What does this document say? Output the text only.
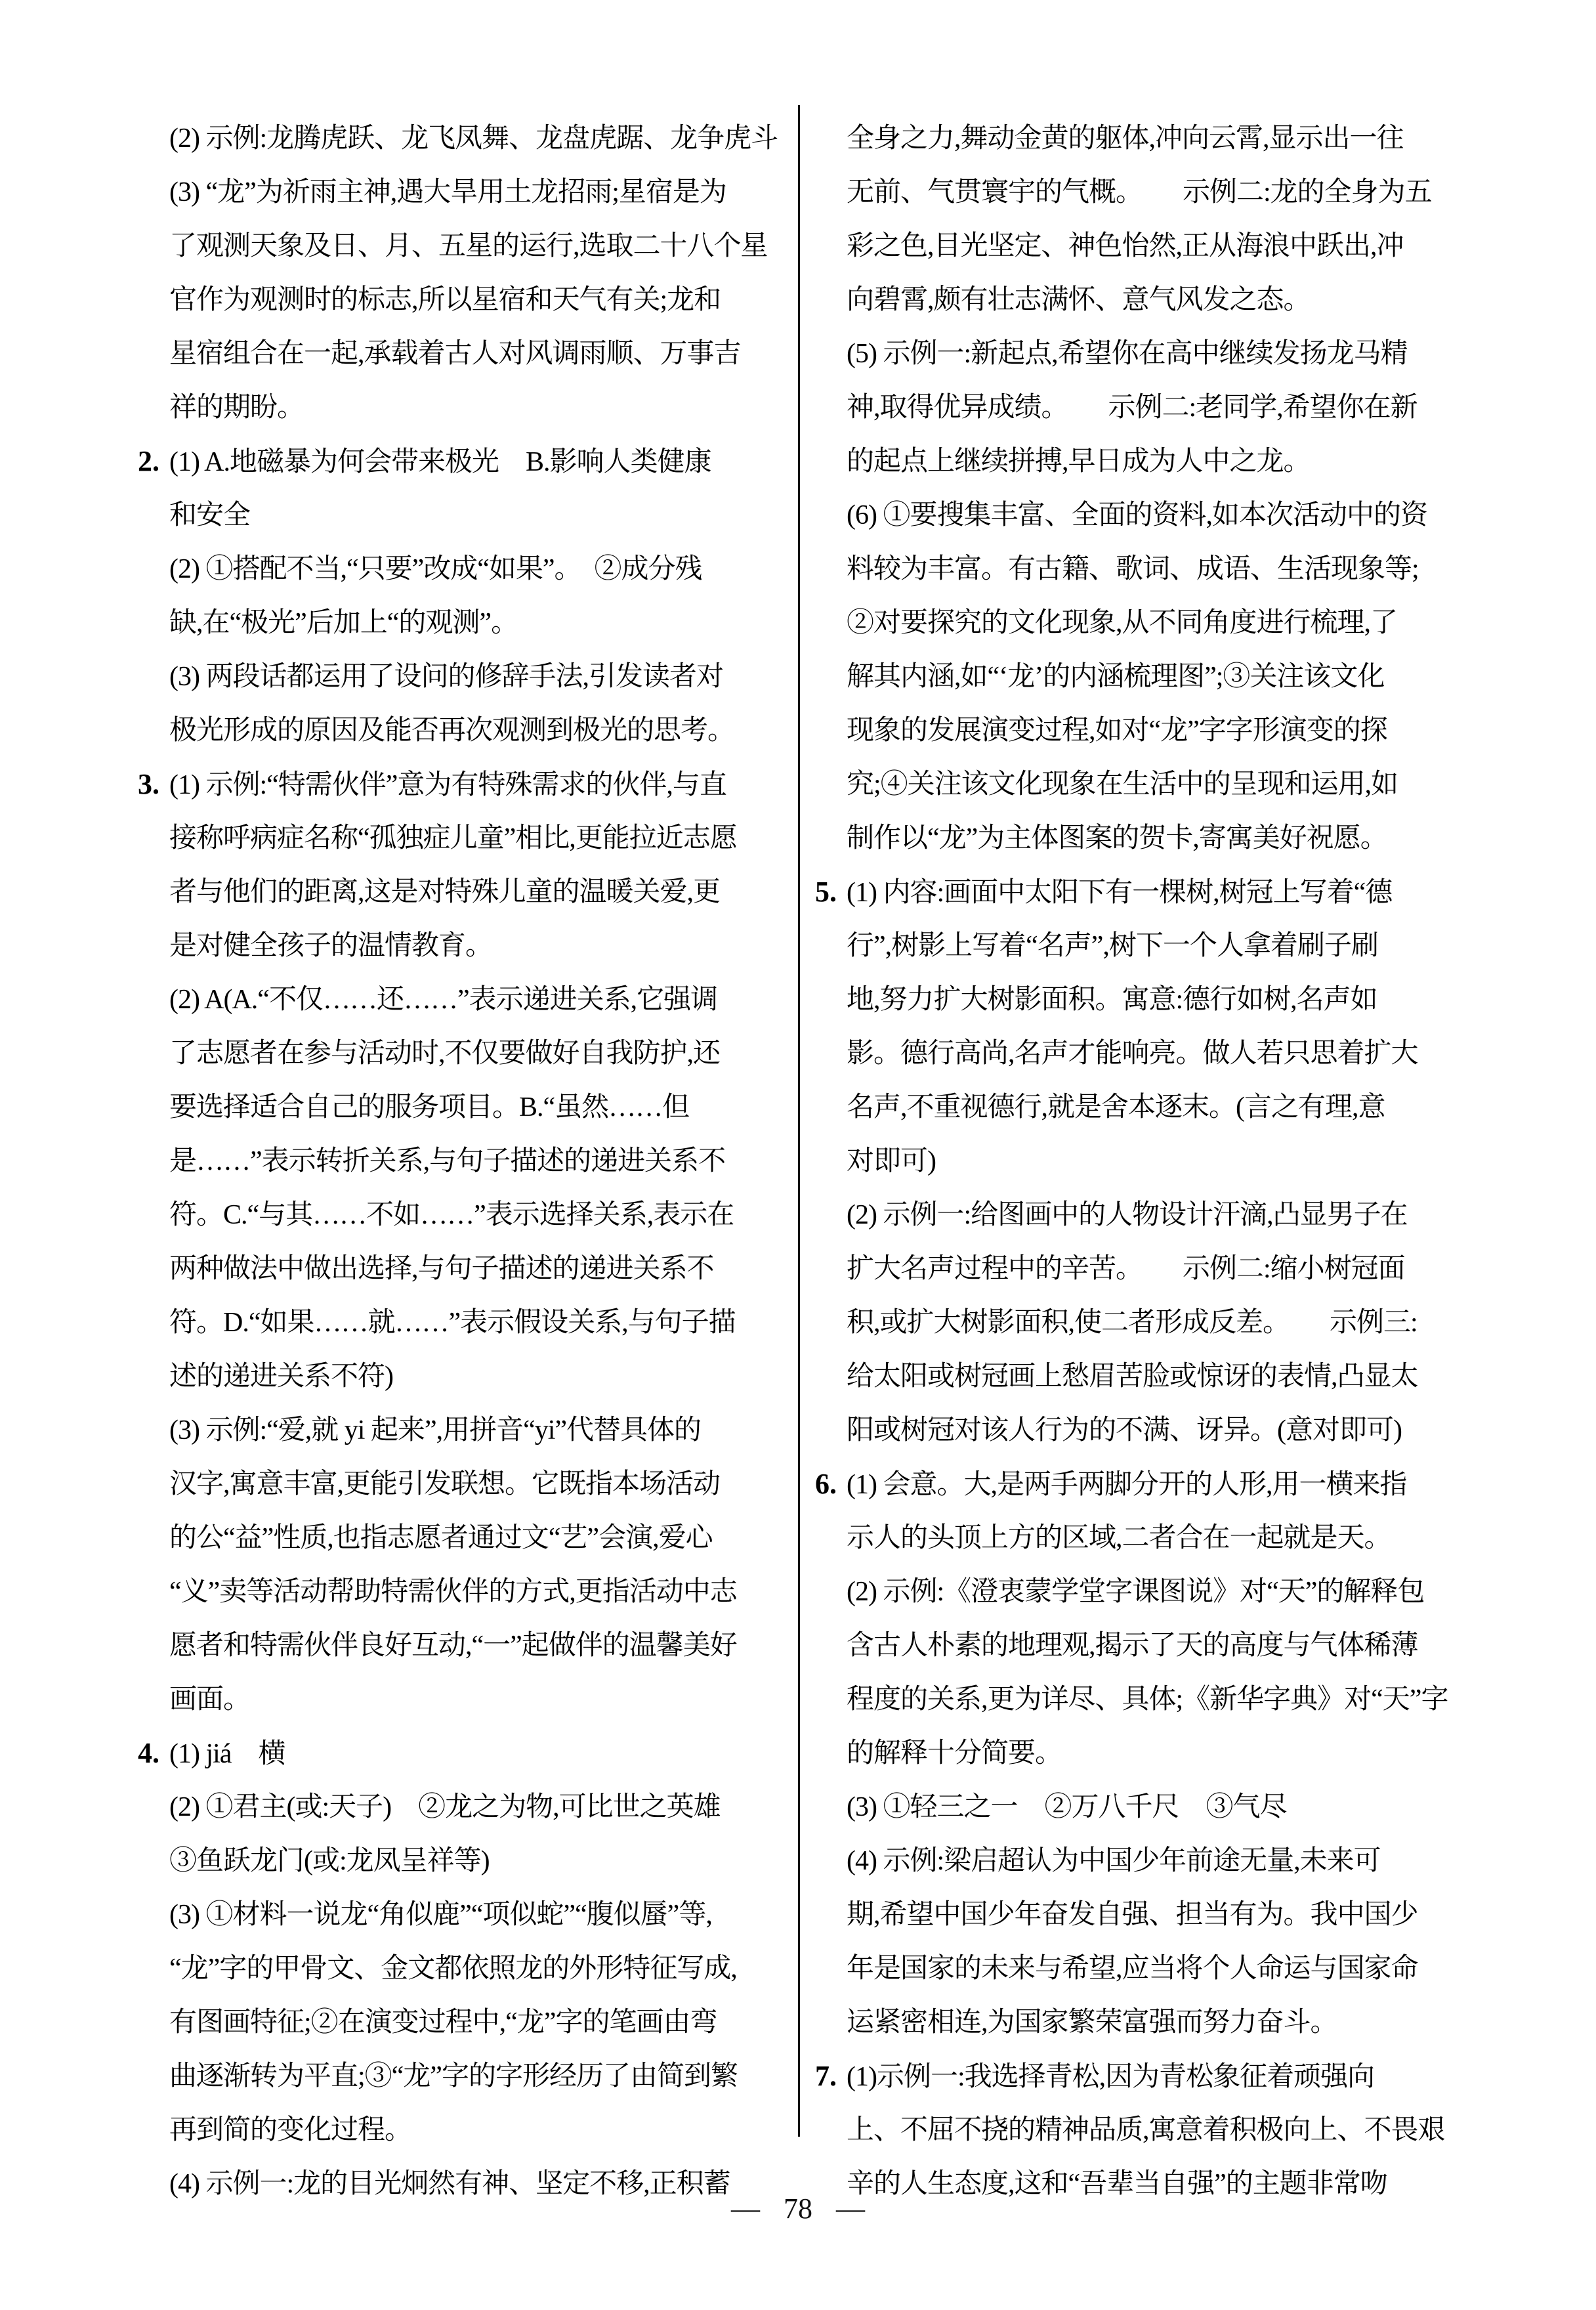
(2) 示例:龙腾虎跃、龙飞凤舞、龙盘虎踞、龙争虎斗
(3) “龙”为祈雨主神,遇大旱用土龙招雨;星宿是为
了观测天象及日、月、五星的运行,选取二十八个星
官作为观测时的标志,所以星宿和天气有关;龙和
星宿组合在一起,承载着古人对风调雨顺、万事吉
祥的期盼。
2. (1) A.地磁暴为何会带来极光　B.影响人类健康
和安全
(2) ①搭配不当,“只要”改成“如果”。　②成分残
缺,在“极光”后加上“的观测”。
(3) 两段话都运用了设问的修辞手法,引发读者对
极光形成的原因及能否再次观测到极光的思考。
3. (1) 示例:“特需伙伴”意为有特殊需求的伙伴,与直
接称呼病症名称“孤独症儿童”相比,更能拉近志愿
者与他们的距离,这是对特殊儿童的温暖关爱,更
是对健全孩子的温情教育。
(2) A(A.“不仅……还……”表示递进关系,它强调
了志愿者在参与活动时,不仅要做好自我防护,还
要选择适合自己的服务项目。B.“虽然……但
是……”表示转折关系,与句子描述的递进关系不
符。C.“与其……不如……”表示选择关系,表示在
两种做法中做出选择,与句子描述的递进关系不
符。D.“如果……就……”表示假设关系,与句子描
述的递进关系不符)
(3) 示例:“爱,就 yi 起来”,用拼音“yi”代替具体的
汉字,寓意丰富,更能引发联想。它既指本场活动
的公“益”性质,也指志愿者通过文“艺”会演,爱心
“义”卖等活动帮助特需伙伴的方式,更指活动中志
愿者和特需伙伴良好互动,“一”起做伴的温馨美好
画面。
4. (1) jiá　横
(2) ①君主(或:天子)　②龙之为物,可比世之英雄
③鱼跃龙门(或:龙凤呈祥等)
(3) ①材料一说龙“角似鹿”“项似蛇”“腹似蜃”等,
“龙”字的甲骨文、金文都依照龙的外形特征写成,
有图画特征;②在演变过程中,“龙”字的笔画由弯
曲逐渐转为平直;③“龙”字的字形经历了由简到繁
再到简的变化过程。
(4) 示例一:龙的目光炯然有神、坚定不移,正积蓄
全身之力,舞动金黄的躯体,冲向云霄,显示出一往
无前、气贯寰宇的气概。　　示例二:龙的全身为五
彩之色,目光坚定、神色怡然,正从海浪中跃出,冲
向碧霄,颇有壮志满怀、意气风发之态。
(5) 示例一:新起点,希望你在高中继续发扬龙马精
神,取得优异成绩。　　示例二:老同学,希望你在新
的起点上继续拼搏,早日成为人中之龙。
(6) ①要搜集丰富、全面的资料,如本次活动中的资
料较为丰富。有古籍、歌词、成语、生活现象等;
②对要探究的文化现象,从不同角度进行梳理,了
解其内涵,如“‘龙’的内涵梳理图”;③关注该文化
现象的发展演变过程,如对“龙”字字形演变的探
究;④关注该文化现象在生活中的呈现和运用,如
制作以“龙”为主体图案的贺卡,寄寓美好祝愿。
5. (1) 内容:画面中太阳下有一棵树,树冠上写着“德
行”,树影上写着“名声”,树下一个人拿着刷子刷
地,努力扩大树影面积。寓意:德行如树,名声如
影。德行高尚,名声才能响亮。做人若只思着扩大
名声,不重视德行,就是舍本逐末。(言之有理,意
对即可)
(2) 示例一:给图画中的人物设计汗滴,凸显男子在
扩大名声过程中的辛苦。　　示例二:缩小树冠面
积,或扩大树影面积,使二者形成反差。　　示例三:
给太阳或树冠画上愁眉苦脸或惊讶的表情,凸显太
阳或树冠对该人行为的不满、讶异。(意对即可)
6. (1) 会意。大,是两手两脚分开的人形,用一横来指
示人的头顶上方的区域,二者合在一起就是天。
(2) 示例:《澄衷蒙学堂字课图说》对“天”的解释包
含古人朴素的地理观,揭示了天的高度与气体稀薄
程度的关系,更为详尽、具体;《新华字典》对“天”字
的解释十分简要。
(3) ①轻三之一　②万八千尺　③气尽
(4) 示例:梁启超认为中国少年前途无量,未来可
期,希望中国少年奋发自强、担当有为。我中国少
年是国家的未来与希望,应当将个人命运与国家命
运紧密相连,为国家繁荣富强而努力奋斗。
7. (1)示例一:我选择青松,因为青松象征着顽强向
上、不屈不挠的精神品质,寓意着积极向上、不畏艰
辛的人生态度,这和“吾辈当自强”的主题非常吻
— 78 —
